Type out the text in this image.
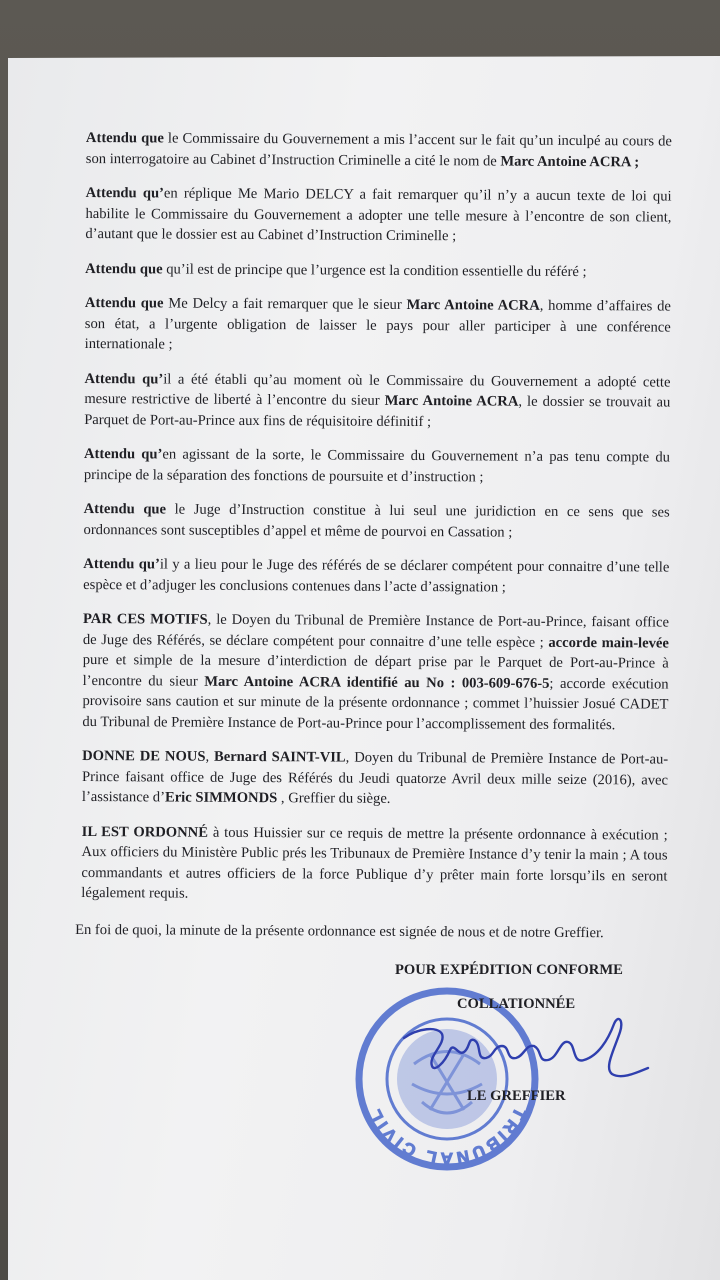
Attendu que le Commissaire du Gouvernement a mis l’accent sur le fait qu’un inculpé au cours de son interrogatoire au Cabinet d’Instruction Criminelle a cité le nom de Marc Antoine ACRA ;

Attendu qu’en réplique Me Mario DELCY a fait remarquer qu’il n’y a aucun texte de loi qui habilite le Commissaire du Gouvernement a adopter une telle mesure à l’encontre de son client, d’autant que le dossier est au Cabinet d’Instruction Criminelle ;

Attendu que qu’il est de principe que l’urgence est la condition essentielle du référé ;

Attendu que Me Delcy a fait remarquer que le sieur Marc Antoine ACRA, homme d’affaires de son état, a l’urgente obligation de laisser le pays pour aller participer à une conférence internationale ;

Attendu qu’il a été établi qu’au moment où le Commissaire du Gouvernement a adopté cette mesure restrictive de liberté à l’encontre du sieur Marc Antoine ACRA, le dossier se trouvait au Parquet de Port-au-Prince aux fins de réquisitoire définitif ;

Attendu qu’en agissant de la sorte, le Commissaire du Gouvernement n’a pas tenu compte du principe de la séparation des fonctions de poursuite et d’instruction ;

Attendu que le Juge d’Instruction constitue à lui seul une juridiction en ce sens que ses ordonnances sont susceptibles d’appel et même de pourvoi en Cassation ;

Attendu qu’il y a lieu pour le Juge des référés de se déclarer compétent pour connaitre d’une telle espèce et d’adjuger les conclusions contenues dans l’acte d’assignation ;

PAR CES MOTIFS, le Doyen du Tribunal de Première Instance de Port-au-Prince, faisant office de Juge des Référés, se déclare compétent pour connaitre d’une telle espèce ; accorde main-levée pure et simple de la mesure d’interdiction de départ prise par le Parquet de Port-au-Prince à l’encontre du sieur Marc Antoine ACRA identifié au No : 003-609-676-5; accorde exécution provisoire sans caution et sur minute de la présente ordonnance ; commet l’huissier Josué CADET du Tribunal de Première Instance de Port-au-Prince pour l’accomplissement des formalités.

DONNE DE NOUS, Bernard SAINT-VIL, Doyen du Tribunal de Première Instance de Port-au-Prince faisant office de Juge des Référés du Jeudi quatorze Avril deux mille seize (2016), avec l’assistance d’Eric SIMMONDS , Greffier du siège.

IL EST ORDONNÉ à tous Huissier sur ce requis de mettre la présente ordonnance à exécution ; Aux officiers du Ministère Public prés les Tribunaux de Première Instance d’y tenir la main ; A tous commandants et autres officiers de la force Publique d’y prêter main forte lorsqu’ils en seront légalement requis.

En foi de quoi, la minute de la présente ordonnance est signée de nous et de notre Greffier.

TRIBUNAL CIVIL
POUR EXPÉDITION CONFORME
COLLATIONNÉE
LE GREFFIER
